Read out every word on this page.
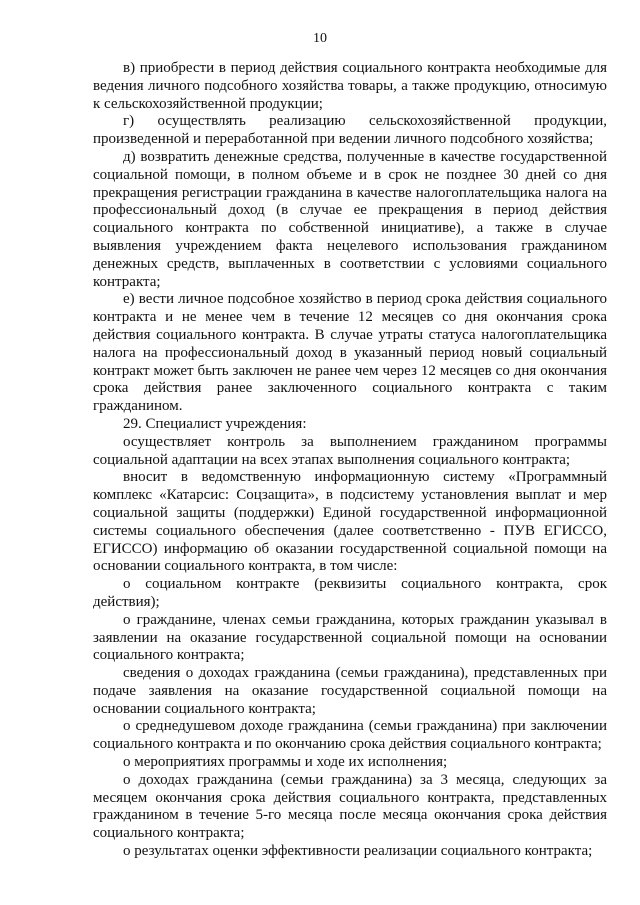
10

в) приобрести в период действия социального контракта необходимые для ведения личного подсобного хозяйства товары, а также продукцию, относимую к сельскохозяйственной продукции;

г) осуществлять реализацию сельскохозяйственной продукции, произведенной и переработанной при ведении личного подсобного хозяйства;

д) возвратить денежные средства, полученные в качестве государственной социальной помощи, в полном объеме и в срок не позднее 30 дней со дня прекращения регистрации гражданина в качестве налогоплательщика налога на профессиональный доход (в случае ее прекращения в период действия социального контракта по собственной инициативе), а также в случае выявления учреждением факта нецелевого использования гражданином денежных средств, выплаченных в соответствии с условиями социального контракта;

е) вести личное подсобное хозяйство в период срока действия социального контракта и не менее чем в течение 12 месяцев со дня окончания срока действия социального контракта. В случае утраты статуса налогоплательщика налога на профессиональный доход в указанный период новый социальный контракт может быть заключен не ранее чем через 12 месяцев со дня окончания срока действия ранее заключенного социального контракта с таким гражданином.

29. Специалист учреждения:

осуществляет контроль за выполнением гражданином программы социальной адаптации на всех этапах выполнения социального контракта;

вносит в ведомственную информационную систему «Программный комплекс «Катарсис: Соцзащита», в подсистему установления выплат и мер социальной защиты (поддержки) Единой государственной информационной системы социального обеспечения (далее соответственно - ПУВ ЕГИССО, ЕГИССО) информацию об оказании государственной социальной помощи на основании социального контракта, в том числе:

о социальном контракте (реквизиты социального контракта, срок действия);

о гражданине, членах семьи гражданина, которых гражданин указывал в заявлении на оказание государственной социальной помощи на основании социального контракта;

сведения о доходах гражданина (семьи гражданина), представленных при подаче заявления на оказание государственной социальной помощи на основании социального контракта;

о среднедушевом доходе гражданина (семьи гражданина) при заключении социального контракта и по окончанию срока действия социального контракта;

о мероприятиях программы и ходе их исполнения;

о доходах гражданина (семьи гражданина) за 3 месяца, следующих за месяцем окончания срока действия социального контракта, представленных гражданином в течение 5-го месяца после месяца окончания срока действия социального контракта;

о результатах оценки эффективности реализации социального контракта;
